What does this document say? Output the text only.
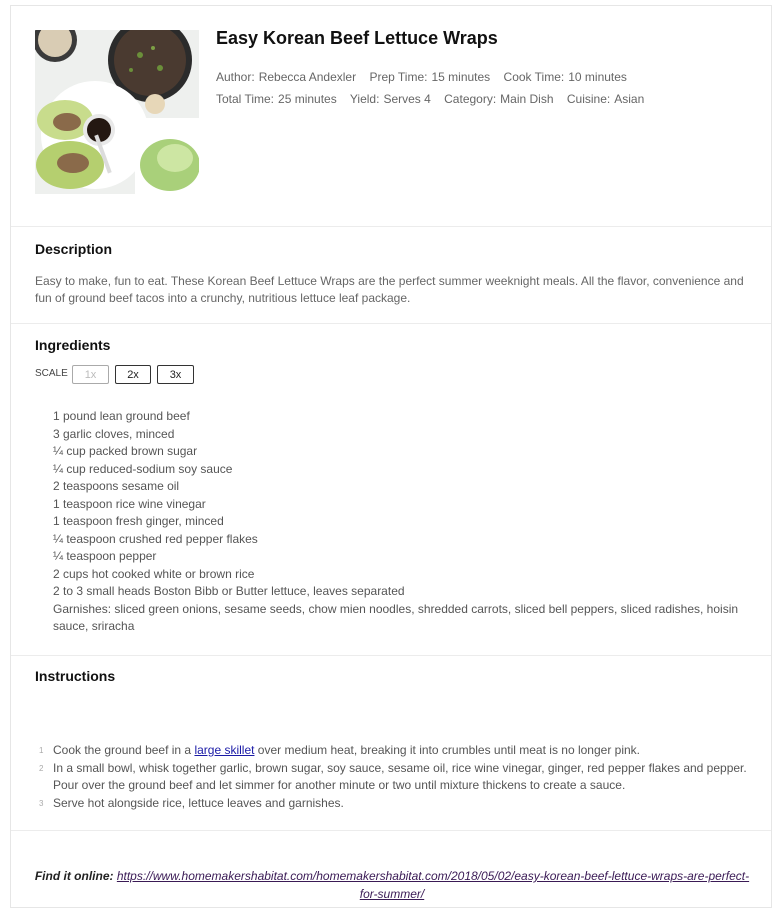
Easy Korean Beef Lettuce Wraps
Author: Rebecca Andexler Prep Time: 15 minutes Cook Time: 10 minutes
Total Time: 25 minutes Yield: Serves 4 Category: Main Dish Cuisine: Asian
Description

Easy to make, fun to eat. These Korean Beef Lettuce Wraps are the perfect summer weeknight meals. All the flavor, convenience and fun of ground beef tacos into a crunchy, nutritious lettuce leaf package.

Ingredients
SCALE	1x	2x	3x
1 pound lean ground beef
3 garlic cloves, minced
¼ cup packed brown sugar
¼ cup reduced-sodium soy sauce
2 teaspoons sesame oil
1 teaspoon rice wine vinegar
1 teaspoon fresh ginger, minced
¼ teaspoon crushed red pepper flakes
¼ teaspoon pepper
2 cups hot cooked white or brown rice
2 to 3 small heads Boston Bibb or Butter lettuce, leaves separated
Garnishes: sliced green onions, sesame seeds, chow mien noodles, shredded carrots, sliced bell peppers, sliced radishes, hoisin sauce, sriracha
Instructions
1 Cook the ground beef in a large skillet over medium heat, breaking it into crumbles until meat is no longer pink.
2 In a small bowl, whisk together garlic, brown sugar, soy sauce, sesame oil, rice wine vinegar, ginger, red pepper flakes and pepper. Pour over the ground beef and let simmer for another minute or two until mixture thickens to create a sauce.
3 Serve hot alongside rice, lettuce leaves and garnishes.
Find it online: https://www.homemakershabitat.com/homemakershabitat.com/2018/05/02/easy-korean-beef-lettuce-wraps-are-perfect-for-summer/
